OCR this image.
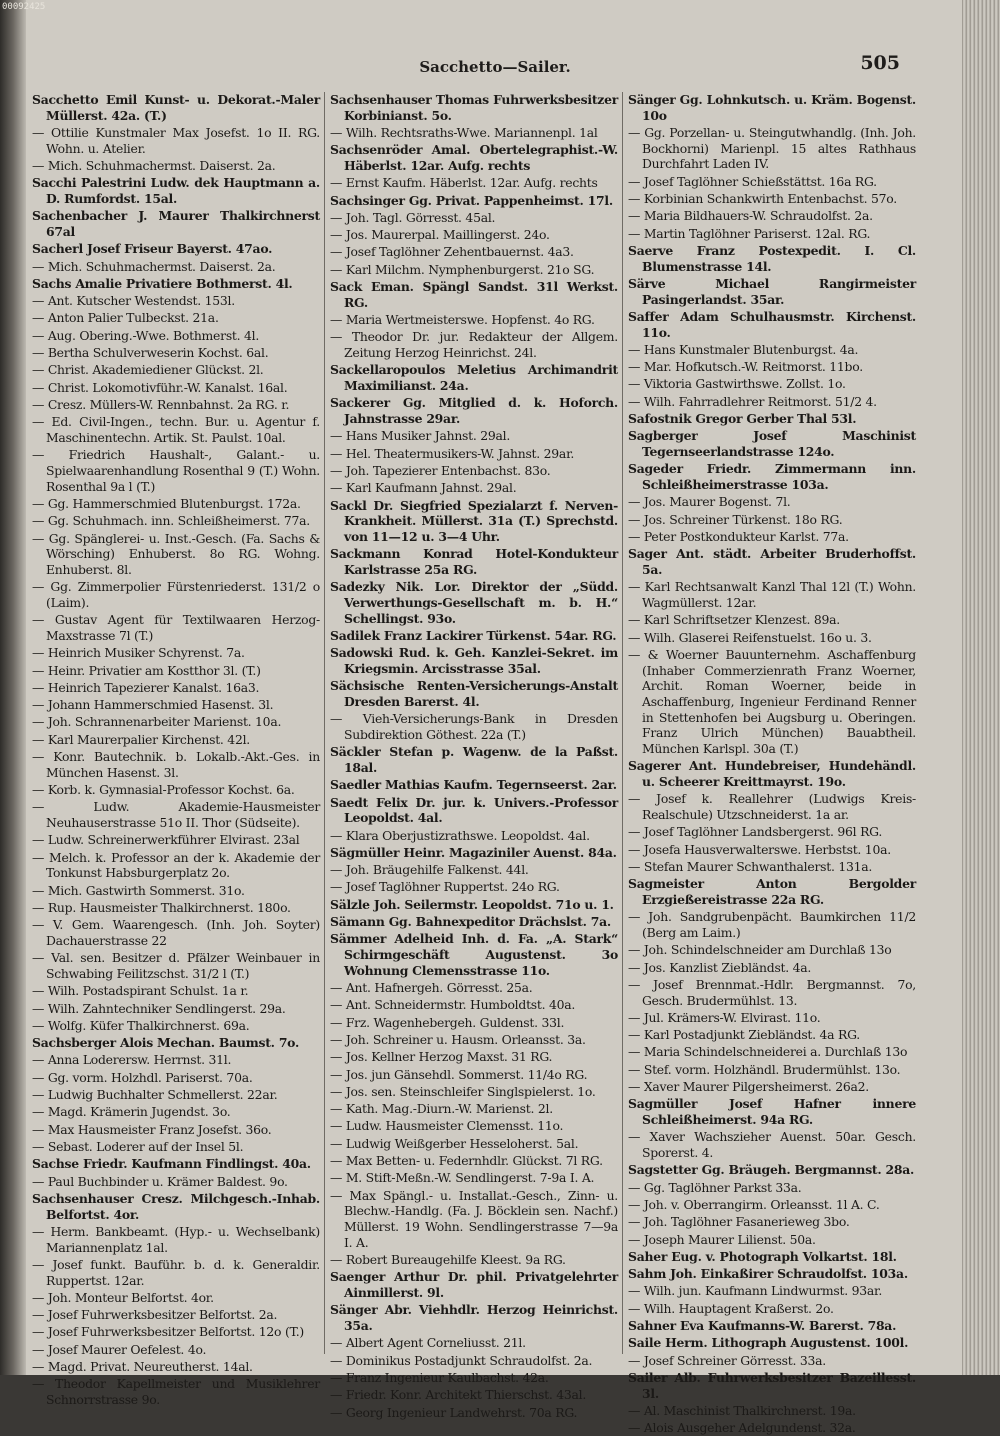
00092425
Sacchetto—Sailer.	505

Sacchetto Emil Kunst- u. Dekorat.-Maler Müllerst. 42a. (T.)

— Ottilie Kunstmaler Max Josefst. 1o II. RG. Wohn. u. Atelier.

— Mich. Schuhmachermst. Daiserst. 2a.

Sacchi Palestrini Ludw. dek Hauptmann a. D. Rumfordst. 15al.

Sachenbacher J. Maurer Thalkirchnerst 67al

Sacherl Josef Friseur Bayerst. 47ao.

— Mich. Schuhmachermst. Daiserst. 2a.

Sachs Amalie Privatiere Bothmerst. 4l.

— Ant. Kutscher Westendst. 153l.

— Anton Palier Tulbeckst. 21a.

— Aug. Obering.-Wwe. Bothmerst. 4l.

— Bertha Schulverweserin Kochst. 6al.

— Christ. Akademiediener Glückst. 2l.

— Christ. Lokomotivführ.-W. Kanalst. 16al.

— Cresz. Müllers-W. Rennbahnst. 2a RG. r.

— Ed. Civil-Ingen., techn. Bur. u. Agentur f. Maschinentechn. Artik. St. Paulst. 10al.

— Friedrich Haushalt-, Galant.- u. Spielwaarenhandlung Rosenthal 9 (T.) Wohn. Rosenthal 9a l (T.)

— Gg. Hammerschmied Blutenburgst. 172a.

— Gg. Schuhmach. inn. Schleißheimerst. 77a.

— Gg. Spänglerei- u. Inst.-Gesch. (Fa. Sachs & Wörsching) Enhuberst. 8o RG. Wohng. Enhuberst. 8l.

— Gg. Zimmerpolier Fürstenriederst. 131/2 o (Laim).

— Gustav Agent für Textilwaaren Herzog-Maxstrasse 7l (T.)

— Heinrich Musiker Schyrenst. 7a.

— Heinr. Privatier am Kostthor 3l. (T.)

— Heinrich Tapezierer Kanalst. 16a3.

— Johann Hammerschmied Hasenst. 3l.

— Joh. Schrannenarbeiter Marienst. 10a.

— Karl Maurerpalier Kirchenst. 42l.

— Konr. Bautechnik. b. Lokalb.-Akt.-Ges. in München Hasenst. 3l.

— Korb. k. Gymnasial-Professor Kochst. 6a.

— Ludw. Akademie-Hausmeister Neuhauserstrasse 51o II. Thor (Südseite).

— Ludw. Schreinerwerkführer Elvirast. 23al

— Melch. k. Professor an der k. Akademie der Tonkunst Habsburgerplatz 2o.

— Mich. Gastwirth Sommerst. 31o.

— Rup. Hausmeister Thalkirchnerst. 180o.

— V. Gem. Waarengesch. (Inh. Joh. Soyter) Dachauerstrasse 22

— Val. sen. Besitzer d. Pfälzer Weinbauer in Schwabing Feilitzschst. 31/2 l (T.)

— Wilh. Postadspirant Schulst. 1a r.

— Wilh. Zahntechniker Sendlingerst. 29a.

— Wolfg. Küfer Thalkirchnerst. 69a.

Sachsberger Alois Mechan. Baumst. 7o.

— Anna Loderersw. Herrnst. 31l.

— Gg. vorm. Holzhdl. Pariserst. 70a.

— Ludwig Buchhalter Schmellerst. 22ar.

— Magd. Krämerin Jugendst. 3o.

— Max Hausmeister Franz Josefst. 36o.

— Sebast. Loderer auf der Insel 5l.

Sachse Friedr. Kaufmann Findlingst. 40a.

— Paul Buchbinder u. Krämer Baldest. 9o.

Sachsenhauser Cresz. Milchgesch.-Inhab. Belfortst. 4or.

— Herm. Bankbeamt. (Hyp.- u. Wechselbank) Mariannenplatz 1al.

— Josef funkt. Bauführ. b. d. k. Generaldir. Ruppertst. 12ar.

— Joh. Monteur Belfortst. 4or.

— Josef Fuhrwerksbesitzer Belfortst. 2a.

— Josef Fuhrwerksbesitzer Belfortst. 12o (T.)

— Josef Maurer Oefelest. 4o.

— Magd. Privat. Neureutherst. 14al.

— Theodor Kapellmeister und Musiklehrer Schnorrstrasse 9o.

Sachsenhauser Thomas Fuhrwerksbesitzer Korbinianst. 5o.

— Wilh. Rechtsraths-Wwe. Mariannenpl. 1al

Sachsenröder Amal. Obertelegraphist.-W. Häberlst. 12ar. Aufg. rechts

— Ernst Kaufm. Häberlst. 12ar. Aufg. rechts

Sachsinger Gg. Privat. Pappenheimst. 17l.

— Joh. Tagl. Görresst. 45al.

— Jos. Maurerpal. Maillingerst. 24o.

— Josef Taglöhner Zehentbauernst. 4a3.

— Karl Milchm. Nymphenburgerst. 21o SG.

Sack Eman. Spängl Sandst. 31l Werkst. RG.

— Maria Wertmeisterswe. Hopfenst. 4o RG.

— Theodor Dr. jur. Redakteur der Allgem. Zeitung Herzog Heinrichst. 24l.

Sackellaropoulos Meletius Archimandrit Maximilianst. 24a.

Sackerer Gg. Mitglied d. k. Hoforch. Jahnstrasse 29ar.

— Hans Musiker Jahnst. 29al.

— Hel. Theatermusikers-W. Jahnst. 29ar.

— Joh. Tapezierer Entenbachst. 83o.

— Karl Kaufmann Jahnst. 29al.

Sackl Dr. Siegfried Spezialarzt f. Nerven-Krankheit. Müllerst. 31a (T.) Sprechstd. von 11—12 u. 3—4 Uhr.

Sackmann Konrad Hotel-Kondukteur Karlstrasse 25a RG.

Sadezky Nik. Lor. Direktor der „Südd. Verwerthungs-Gesellschaft m. b. H.“ Schellingst. 93o.

Sadilek Franz Lackirer Türkenst. 54ar. RG.

Sadowski Rud. k. Geh. Kanzlei-Sekret. im Kriegsmin. Arcisstrasse 35al.

Sächsische Renten-Versicherungs-Anstalt Dresden Barerst. 4l.

— Vieh-Versicherungs-Bank in Dresden Subdirektion Göthest. 22a (T.)

Säckler Stefan p. Wagenw. de la Paßst. 18al.

Saedler Mathias Kaufm. Tegernseerst. 2ar.

Saedt Felix Dr. jur. k. Univers.-Professor Leopoldst. 4al.

— Klara Oberjustizrathswe. Leopoldst. 4al.

Sägmüller Heinr. Magaziniler Auenst. 84a.

— Joh. Bräugehilfe Falkenst. 44l.

— Josef Taglöhner Ruppertst. 24o RG.

Sälzle Joh. Seilermstr. Leopoldst. 71o u. 1.

Sämann Gg. Bahnexpeditor Drächslst. 7a.

Sämmer Adelheid Inh. d. Fa. „A. Stark“ Schirmgeschäft Augustenst. 3o Wohnung Clemensstrasse 11o.

— Ant. Hafnergeh. Görresst. 25a.

— Ant. Schneidermstr. Humboldtst. 40a.

— Frz. Wagenhebergeh. Guldenst. 33l.

— Joh. Schreiner u. Hausm. Orleansst. 3a.

— Jos. Kellner Herzog Maxst. 31 RG.

— Jos. jun Gänsehdl. Sommerst. 11/4o RG.

— Jos. sen. Steinschleifer Singlspielerst. 1o.

— Kath. Mag.-Diurn.-W. Marienst. 2l.

— Ludw. Hausmeister Clemensst. 11o.

— Ludwig Weißgerber Hesseloherst. 5al.

— Max Betten- u. Federnhdlr. Glückst. 7l RG.

— M. Stift-Meßn.-W. Sendlingerst. 7-9a I. A.

— Max Spängl.- u. Installat.-Gesch., Zinn- u. Blechw.-Handlg. (Fa. J. Böcklein sen. Nachf.) Müllerst. 19 Wohn. Sendlingerstrasse 7—9a I. A.

— Robert Bureaugehilfe Kleest. 9a RG.

Saenger Arthur Dr. phil. Privatgelehrter Ainmillerst. 9l.

Sänger Abr. Viehhdlr. Herzog Heinrichst. 35a.

— Albert Agent Corneliusst. 21l.

— Dominikus Postadjunkt Schraudolfst. 2a.

— Franz Ingenieur Kaulbachst. 42a.

— Friedr. Konr. Architekt Thierschst. 43al.

— Georg Ingenieur Landwehrst. 70a RG.

Sänger Gg. Lohnkutsch. u. Kräm. Bogenst. 10o

— Gg. Porzellan- u. Steingutwhandlg. (Inh. Joh. Bockhorni) Marienpl. 15 altes Rathhaus Durchfahrt Laden IV.

— Josef Taglöhner Schießstättst. 16a RG.

— Korbinian Schankwirth Entenbachst. 57o.

— Maria Bildhauers-W. Schraudolfst. 2a.

— Martin Taglöhner Pariserst. 12al. RG.

Saerve Franz Postexpedit. I. Cl. Blumenstrasse 14l.

Särve Michael Rangirmeister Pasingerlandst. 35ar.

Saffer Adam Schulhausmstr. Kirchenst. 11o.

— Hans Kunstmaler Blutenburgst. 4a.

— Mar. Hofkutsch.-W. Reitmorst. 11bo.

— Viktoria Gastwirthswe. Zollst. 1o.

— Wilh. Fahrradlehrer Reitmorst. 51/2 4.

Safostnik Gregor Gerber Thal 53l.

Sagberger Josef Maschinist Tegernseerlandstrasse 124o.

Sageder Friedr. Zimmermann inn. Schleißheimerstrasse 103a.

— Jos. Maurer Bogenst. 7l.

— Jos. Schreiner Türkenst. 18o RG.

— Peter Postkondukteur Karlst. 77a.

Sager Ant. städt. Arbeiter Bruderhoffst. 5a.

— Karl Rechtsanwalt Kanzl Thal 12l (T.) Wohn. Wagmüllerst. 12ar.

— Karl Schriftsetzer Klenzest. 89a.

— Wilh. Glaserei Reifenstuelst. 16o u. 3.

— & Woerner Bauunternehm. Aschaffenburg (Inhaber Commerzienrath Franz Woerner, Archit. Roman Woerner, beide in Aschaffenburg, Ingenieur Ferdinand Renner in Stettenhofen bei Augsburg u. Oberingen. Franz Ulrich München) Bauabtheil. München Karlspl. 30a (T.)

Sagerer Ant. Hundebreiser, Hundehändl. u. Scheerer Kreittmayrst. 19o.

— Josef k. Reallehrer (Ludwigs Kreis-Realschule) Utzschneiderst. 1a ar.

— Josef Taglöhner Landsbergerst. 96l RG.

— Josefa Hausverwalterswe. Herbstst. 10a.

— Stefan Maurer Schwanthalerst. 131a.

Sagmeister Anton Bergolder Erzgießereistrasse 22a RG.

— Joh. Sandgrubenpächt. Baumkirchen 11/2 (Berg am Laim.)

— Joh. Schindelschneider am Durchlaß 13o

— Jos. Kanzlist Ziebländst. 4a.

— Josef Brennmat.-Hdlr. Bergmannst. 7o, Gesch. Brudermühlst. 13.

— Jul. Krämers-W. Elvirast. 11o.

— Karl Postadjunkt Ziebländst. 4a RG.

— Maria Schindelschneiderei a. Durchlaß 13o

— Stef. vorm. Holzhändl. Brudermühlst. 13o.

— Xaver Maurer Pilgersheimerst. 26a2.

Sagmüller Josef Hafner innere Schleißheimerst. 94a RG.

— Xaver Wachszieher Auenst. 50ar. Gesch. Sporerst. 4.

Sagstetter Gg. Bräugeh. Bergmannst. 28a.

— Gg. Taglöhner Parkst 33a.

— Joh. v. Oberrangirm. Orleansst. 1l A. C.

— Joh. Taglöhner Fasanerieweg 3bo.

— Joseph Maurer Lilienst. 50a.

Saher Eug. v. Photograph Volkartst. 18l.

Sahm Joh. Einkaßirer Schraudolfst. 103a.

— Wilh. jun. Kaufmann Lindwurmst. 93ar.

— Wilh. Hauptagent Kraßerst. 2o.

Sahner Eva Kaufmanns-W. Barerst. 78a.

Saile Herm. Lithograph Augustenst. 100l.

— Josef Schreiner Görresst. 33a.

Sailer Alb. Fuhrwerksbesitzer Bazeillesst. 3l.

— Al. Maschinist Thalkirchnerst. 19a.

— Alois Ausgeher Adelgundenst. 32a.
